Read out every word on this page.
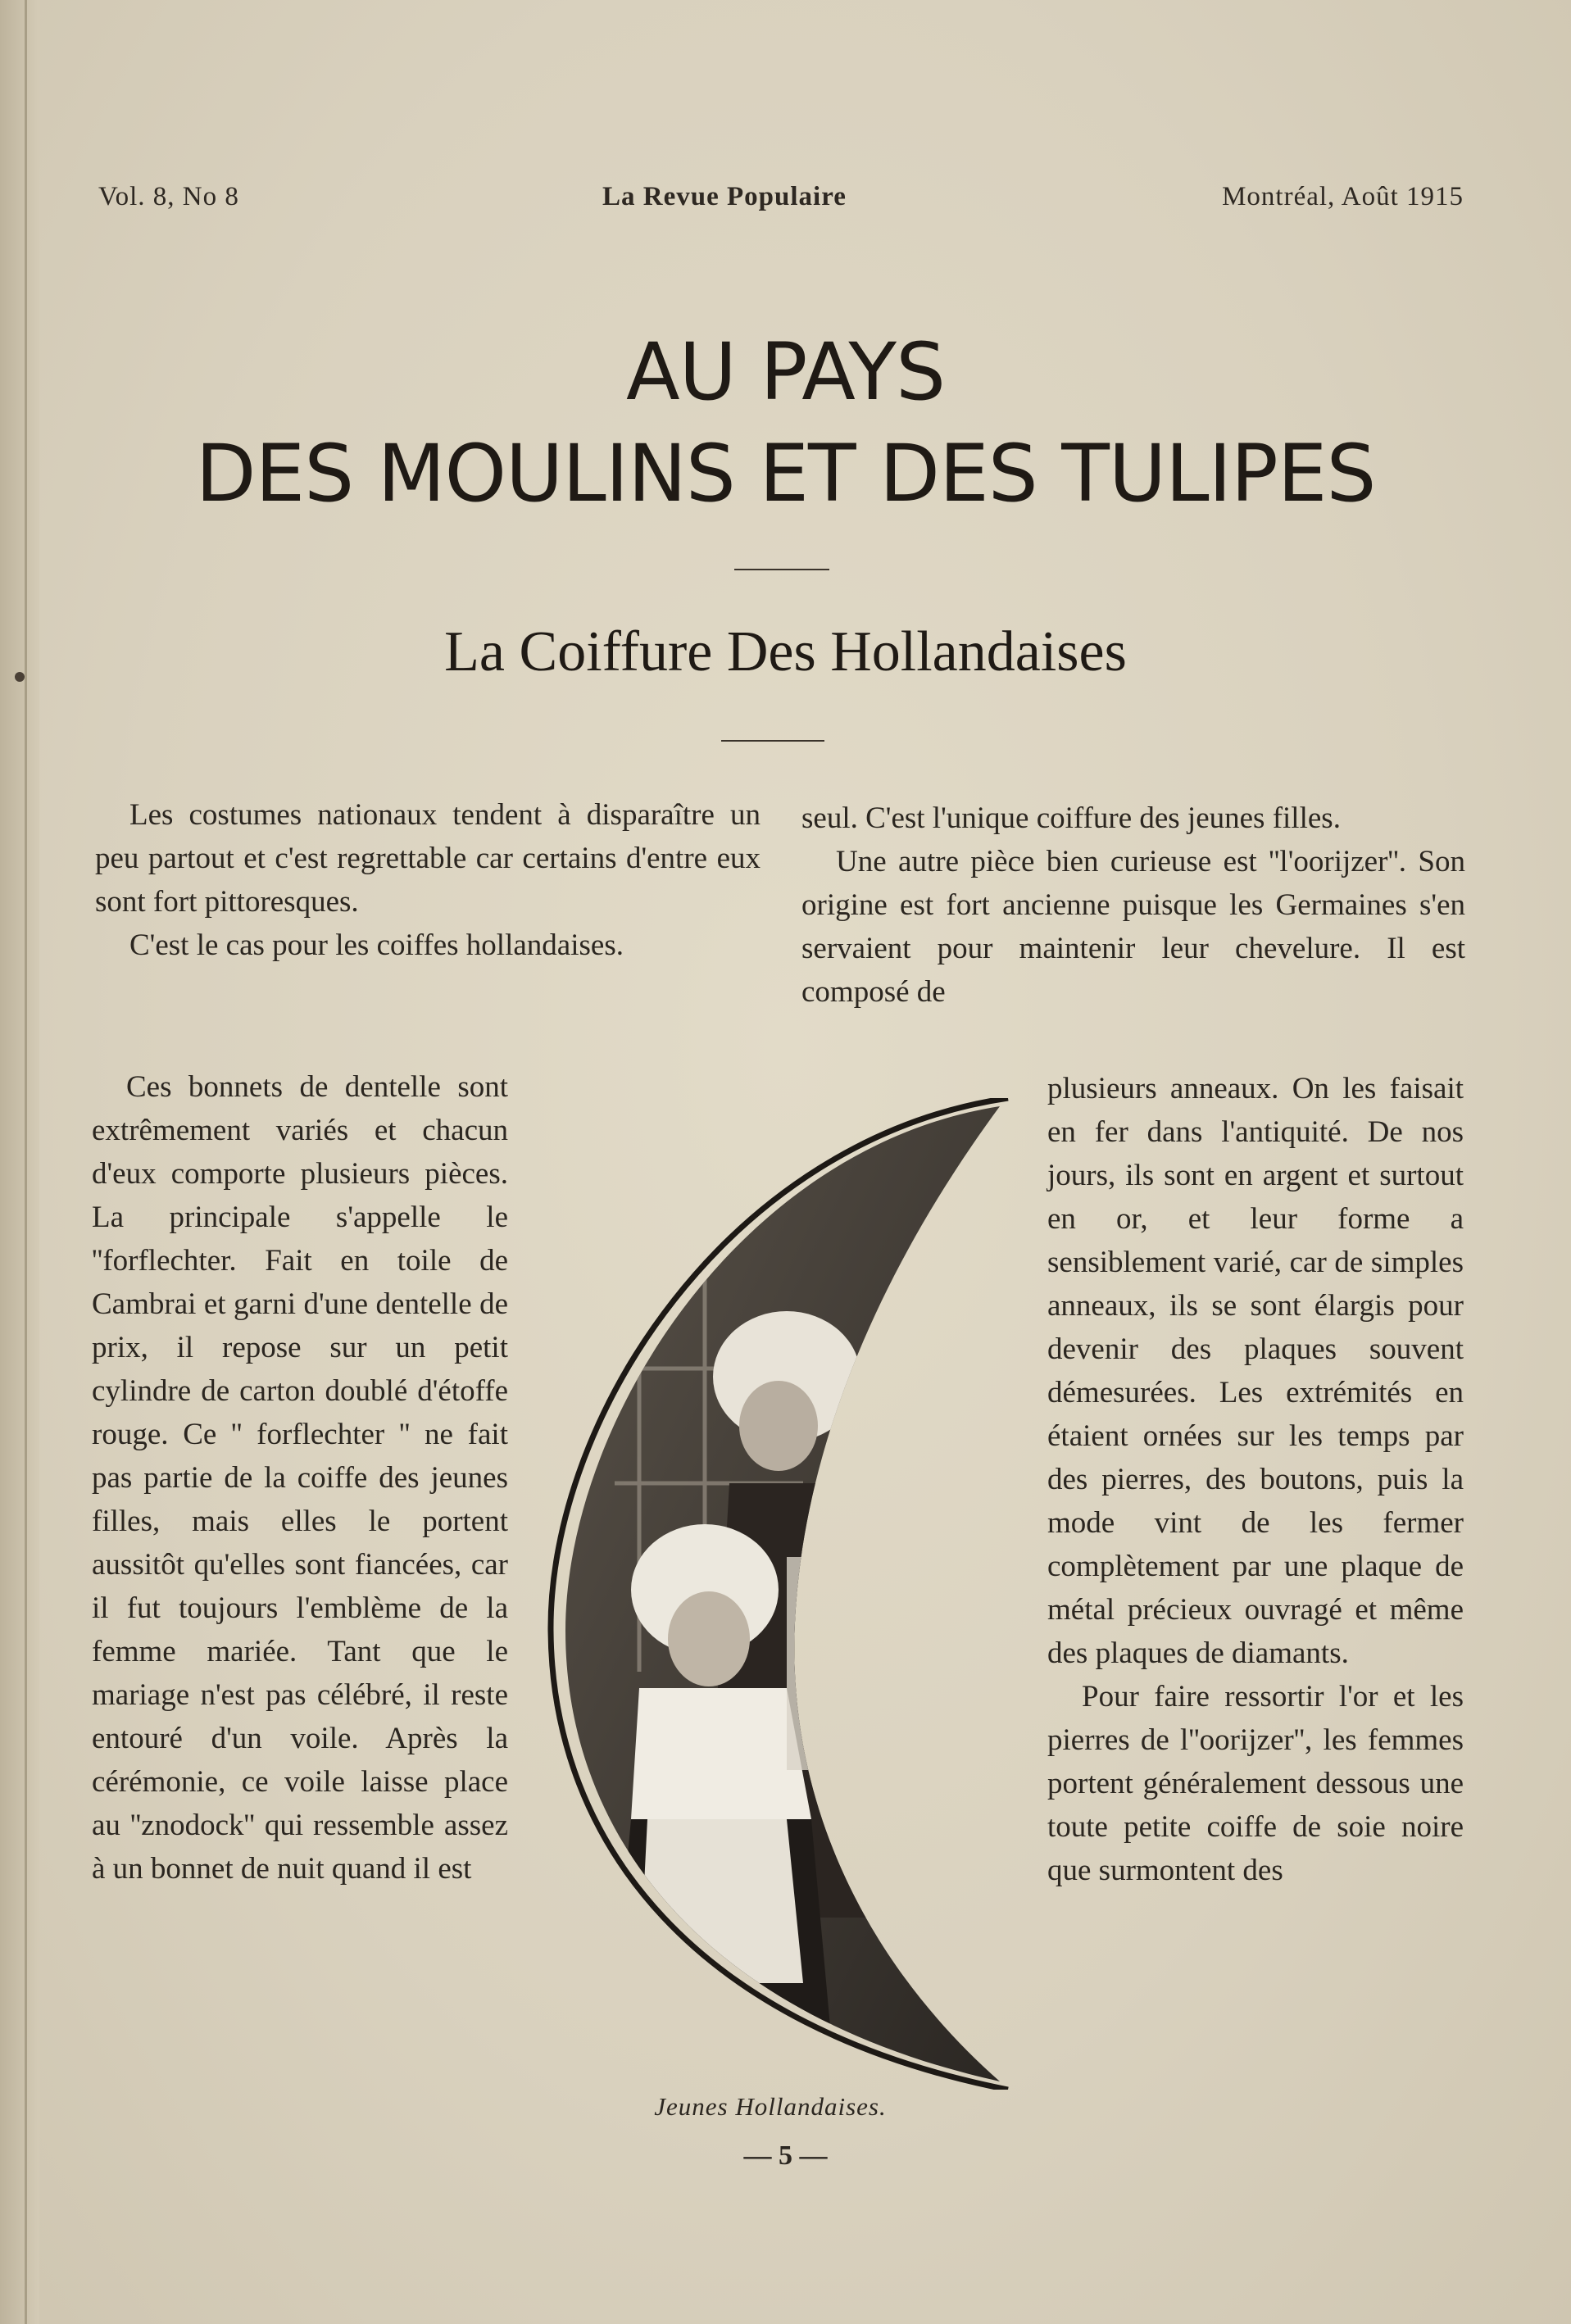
Vol. 8, No 8	La Revue Populaire	Montréal, Août 1915
AU PAYS
DES MOULINS ET DES TULIPES
La Coiffure Des Hollandaises

Les costumes nationaux tendent à disparaître un peu partout et c'est regrettable car certains d'entre eux sont fort pittoresques.

C'est le cas pour les coiffes hollandaises.

Ces bonnets de dentelle sont extrêmement variés et chacun d'eux comporte plusieurs pièces. La principale s'appelle le ''forflechter. Fait en toile de Cambrai et garni d'une dentelle de prix, il repose sur un petit cylindre de carton doublé d'étoffe rouge. Ce '' forflechter '' ne fait pas partie de la coiffe des jeunes filles, mais elles le portent aussitôt qu'elles sont fiancées, car il fut toujours l'emblème de la femme mariée. Tant que le mariage n'est pas célébré, il reste entouré d'un voile. Après la cérémonie, ce voile laisse place au ''znodock'' qui ressemble assez à un bonnet de nuit quand il est

seul. C'est l'unique coiffure des jeunes filles.

Une autre pièce bien curieuse est ''l'oorijzer''. Son origine est fort ancienne puisque les Germaines s'en servaient pour maintenir leur chevelure. Il est composé de

plusieurs anneaux. On les faisait en fer dans l'antiquité. De nos jours, ils sont en argent et surtout en or, et leur forme a sensiblement varié, car de simples anneaux, ils se sont élargis pour devenir des plaques souvent démesurées. Les extrémités en étaient ornées sur les temps par des pierres, des boutons, puis la mode vint de les fermer complètement par une plaque de métal précieux ouvragé et même des plaques de diamants.

Pour faire ressortir l'or et les pierres de l''oorijzer'', les femmes portent généralement dessous une toute petite coiffe de soie noire que surmontent des

Jeunes Hollandaises.
— 5 —
